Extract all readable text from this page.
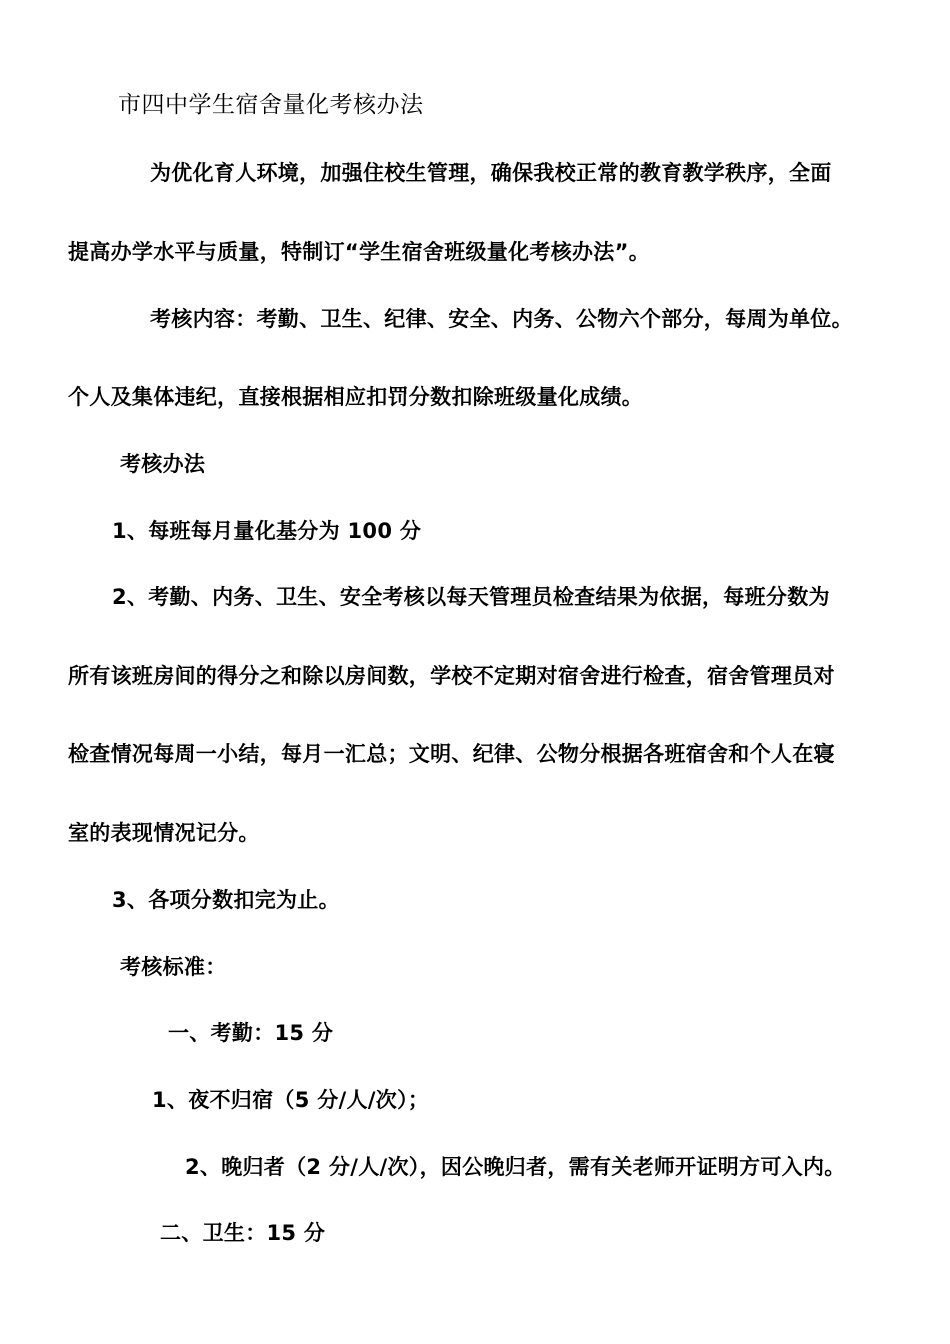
市四中学生宿舍量化考核办法
为优化育人环境，加强住校生管理，确保我校正常的教育教学秩序，全面
提高办学水平与质量，特制订“学生宿舍班级量化考核办法”。
考核内容：考勤、卫生、纪律、安全、内务、公物六个部分，每周为单位。
个人及集体违纪，直接根据相应扣罚分数扣除班级量化成绩。
考核办法
1、每班每月量化基分为 100 分
2、考勤、内务、卫生、安全考核以每天管理员检查结果为依据，每班分数为
所有该班房间的得分之和除以房间数，学校不定期对宿舍进行检查，宿舍管理员对
检查情况每周一小结，每月一汇总；文明、纪律、公物分根据各班宿舍和个人在寝
室的表现情况记分。
3、各项分数扣完为止。
考核标准：
一、考勤：15 分
1、夜不归宿（5 分/人/次）；
2、晚归者（2 分/人/次），因公晚归者，需有关老师开证明方可入内。
二、卫生：15 分
